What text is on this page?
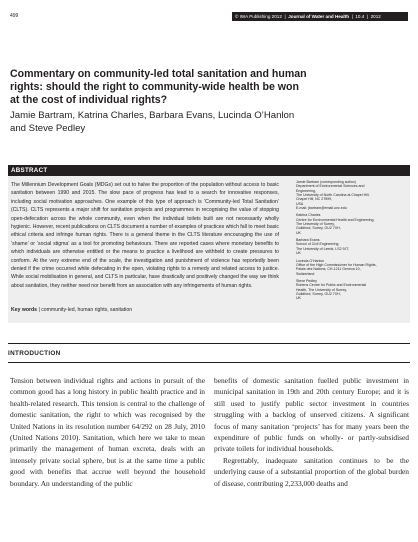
499	© IWA Publishing 2012  |  Journal of Water and Health  |  10.4  |  2012
Commentary on community-led total sanitation and human rights: should the right to community-wide health be won at the cost of individual rights?
Jamie Bartram, Katrina Charles, Barbara Evans, Lucinda O’Hanlon
and Steve Pedley
ABSTRACT

The Millennium Development Goals (MDGs) set out to halve the proportion of the population without access to basic sanitation between 1990 and 2015. The slow pace of progress has lead to a search for innovative responses, including social motivation approaches. One example of this type of approach is ‘Community-led Total Sanitation’ (CLTS). CLTS represents a major shift for sanitation projects and programmes in recognising the value of stopping open-defecation across the whole community, even when the individual toilets built are not necessarily wholly hygienic. However, recent publications on CLTS document a number of examples of practices which fall to meet basic ethical criteria and infringe human rights. There is a general theme in the CLTS literature encouraging the use of ‘shame’ or ‘social stigma’ as a tool for promoting behaviours. There are reported cases where monetary benefits to which individuals are otherwise entitled or the means to practice a livelihood are withheld to create pressures to conform. At the very extreme end of the scale, the investigation and punishment of violence has reportedly been denied if the crime occurred while defecating in the open, violating rights to a remedy and related access to justice. While social mobilisation in general, and CLTS in particular, have drastically and positively changed the way we think about sanitation, they neither need nor benefit from an association with any infringements of human rights.

Key words | community-led, human rights, sanitation
Jamie Bartram (corresponding author)
Department of Environmental Sciences and
Engineering,
The University of North Carolina at Chapel Hill,
Chapel Hill, NC 27599,
USA
E-mail: jbartram@email.unc.edu
Katrina Charles
Centre for Environmental Health and Engineering,
The University of Surrey,
Guildford, Surrey, GU2 7XH,
UK
Barbara Evans
School of Civil Engineering,
The University of Leeds, LS2 9JT,
UK
Lucinda O’Hanlon
Office of the High Commissioner for Human Rights,
Palais des Nations, CH-1211 Geneva 10,
Switzerland
Steve Pedley
Robens Centre for Public and Environmental
Health, The University of Surrey,
Guildford, Surrey, GU2 7XH,
UK
INTRODUCTION

Tension between individual rights and actions in pursuit of the common good has a long history in public health practice and in health-related research. This tension is central to the challenge of domestic sanitation, the right to which was recognised by the United Nations in its resolution number 64/292 on 28 July, 2010 (United Nations 2010). Sanitation, which here we take to mean primarily the management of human excreta, deals with an intensely private social sphere, but is at the same time a public good with benefits that accrue well beyond the household boundary. An understanding of the public

benefits of domestic sanitation fuelled public investment in municipal sanitation in 19th and 20th century Europe; and it is still used to justify public sector investment in countries struggling with a backlog of unserved citizens. A significant focus of many sanitation ‘projects’ has for many years been the expenditure of public funds on wholly- or partly-subsidised private toilets for individual households.

Regrettably, inadequate sanitation continues to be the underlying cause of a substantial proportion of the global burden of disease, contributing 2,233,000 deaths and
